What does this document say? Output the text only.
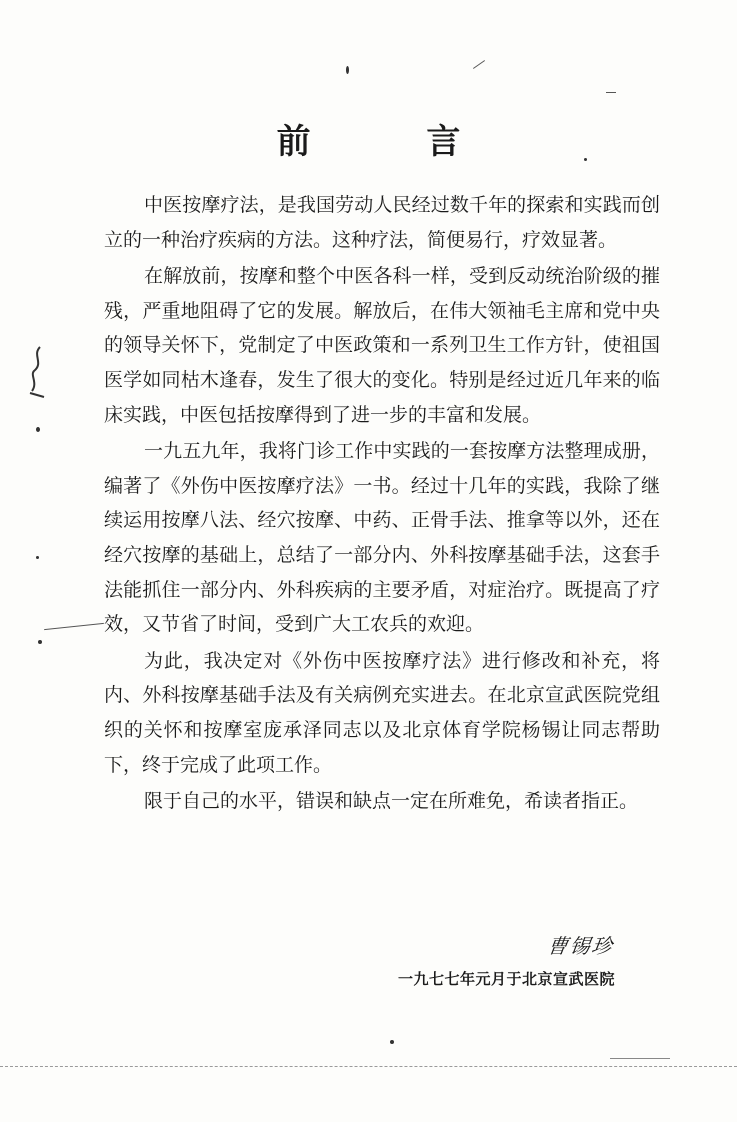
前 言

中医按摩疗法，是我国劳动人民经过数千年的探索和实践而创立的一种治疗疾病的方法。这种疗法，简便易行，疗效显著。

在解放前，按摩和整个中医各科一样，受到反动统治阶级的摧残，严重地阻碍了它的发展。解放后，在伟大领袖毛主席和党中央的领导关怀下，党制定了中医政策和一系列卫生工作方针，使祖国医学如同枯木逢春，发生了很大的变化。特别是经过近几年来的临床实践，中医包括按摩得到了进一步的丰富和发展。

一九五九年，我将门诊工作中实践的一套按摩方法整理成册，编著了《外伤中医按摩疗法》一书。经过十几年的实践，我除了继续运用按摩八法、经穴按摩、中药、正骨手法、推拿等以外，还在经穴按摩的基础上，总结了一部分内、外科按摩基础手法，这套手法能抓住一部分内、外科疾病的主要矛盾，对症治疗。既提高了疗效，又节省了时间，受到广大工农兵的欢迎。

为此，我决定对《外伤中医按摩疗法》进行修改和补充，将内、外科按摩基础手法及有关病例充实进去。在北京宣武医院党组织的关怀和按摩室庞承泽同志以及北京体育学院杨锡让同志帮助下，终于完成了此项工作。

限于自己的水平，错误和缺点一定在所难免，希读者指正。

曹锡珍
一九七七年元月于北京宣武医院
